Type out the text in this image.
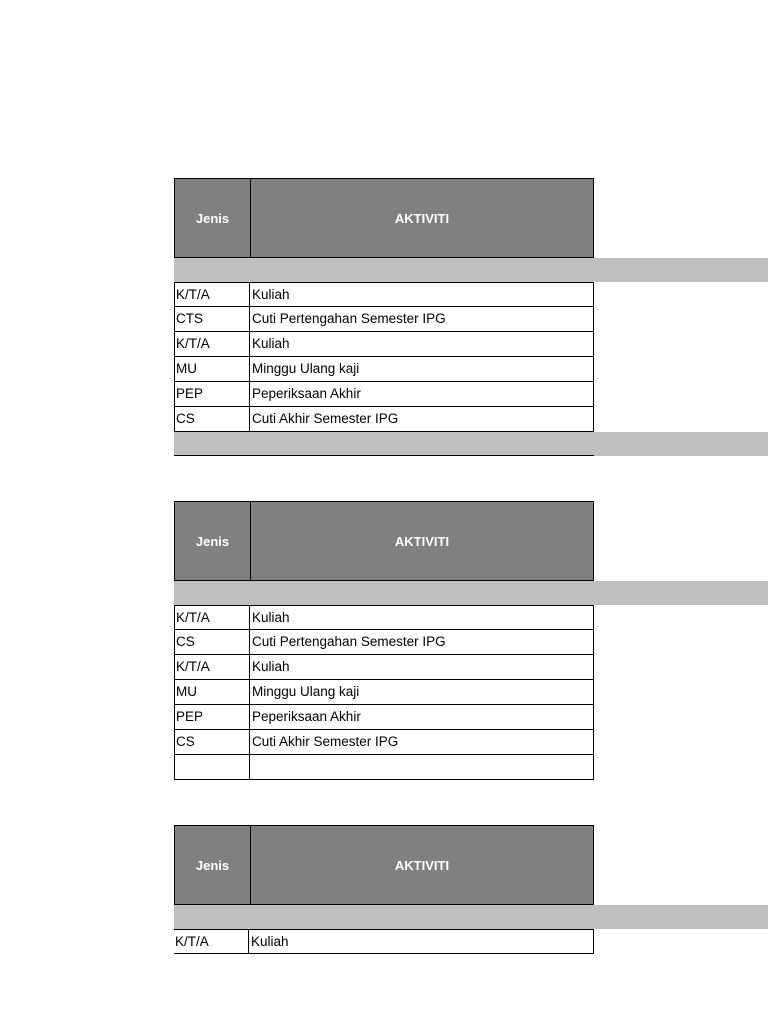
Jenis	AKTIVITI
K/T/A	Kuliah
CTS	Cuti Pertengahan Semester IPG
K/T/A	Kuliah
MU	Minggu Ulang kaji
PEP	Peperiksaan Akhir
CS	Cuti Akhir Semester IPG
Jenis	AKTIVITI
K/T/A	Kuliah
CS	Cuti Pertengahan Semester IPG
K/T/A	Kuliah
MU	Minggu Ulang kaji
PEP	Peperiksaan Akhir
CS	Cuti Akhir Semester IPG
Jenis	AKTIVITI
K/T/A	Kuliah
